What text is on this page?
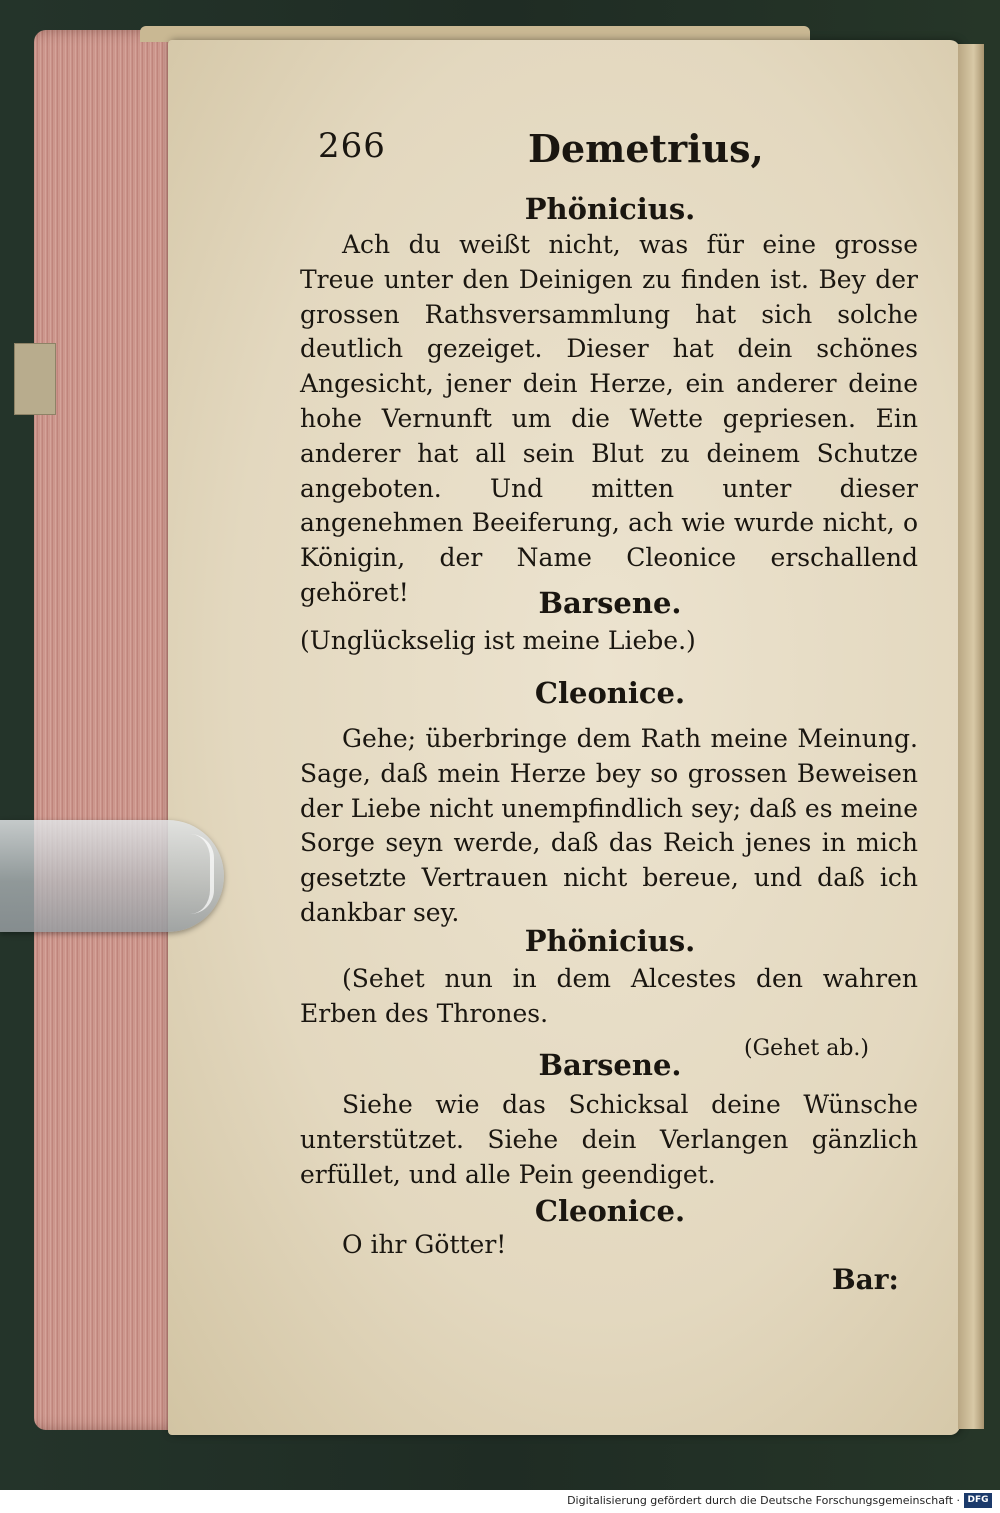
266	Demetrius,
Phönicius.
Ach du weißt nicht, was für eine grosse Treue unter den Deinigen zu finden ist. Bey der grossen Rathsversammlung hat sich solche deutlich gezeiget. Dieser hat dein schönes Angesicht, jener dein Herze, ein anderer deine hohe Vernunft um die Wette gepriesen. Ein anderer hat all sein Blut zu deinem Schutze angeboten. Und mitten unter dieser angenehmen Beeiferung, ach wie wurde nicht, o Königin, der Name Cleonice erschallend gehöret!	Barsene.
(Unglückselig ist meine Liebe.)
Cleonice.
Gehe; überbringe dem Rath meine Meinung. Sage, daß mein Herze bey so grossen Beweisen der Liebe nicht unempfindlich sey; daß es meine Sorge seyn werde, daß das Reich jenes in mich gesetzte Vertrauen nicht bereue, und daß ich dankbar sey.
Phönicius.
(Sehet nun in dem Alcestes den wahren Erben des Thrones.
(Gehet ab.)
Barsene.
Siehe wie das Schicksal deine Wünsche unterstützet. Siehe dein Verlangen gänzlich erfüllet, und alle Pein geendiget.
Cleonice.
O ihr Götter!
Bar:
Digitalisierung gefördert durch die Deutsche Forschungsgemeinschaft · DFG
